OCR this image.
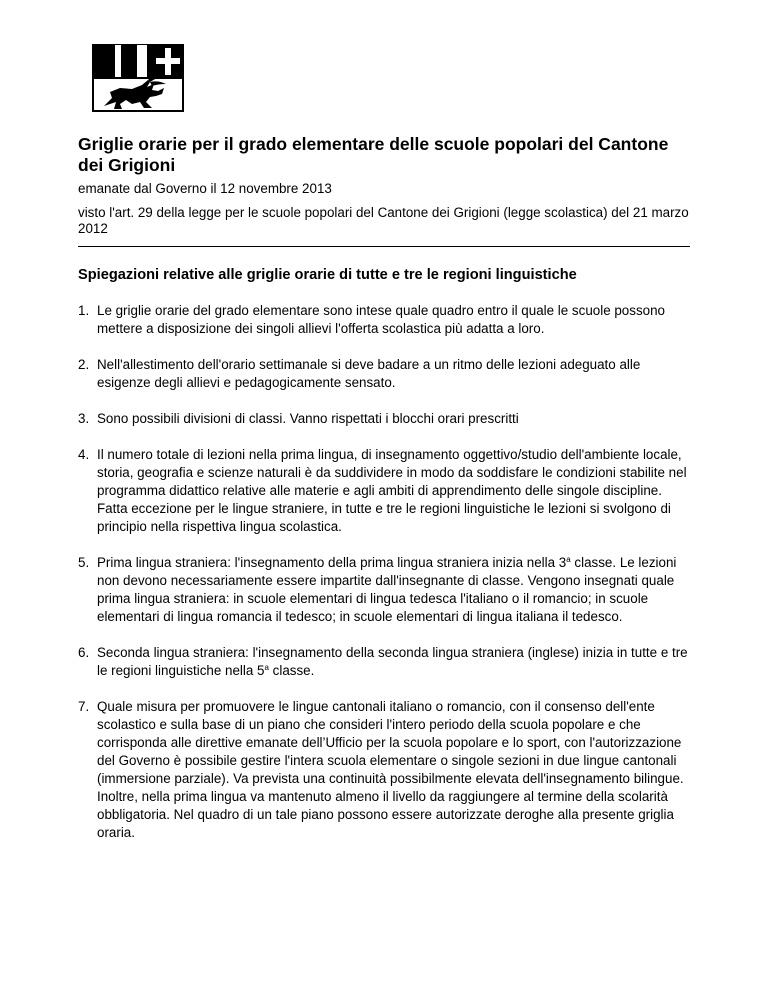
Griglie orarie per il grado elementare delle scuole popolari del Cantone dei Grigioni
emanate dal Governo il 12 novembre 2013
visto l'art. 29 della legge per le scuole popolari del Cantone dei Grigioni (legge scolastica) del 21 marzo 2012
Spiegazioni relative alle griglie orarie di tutte e tre le regioni linguistiche
1. Le griglie orarie del grado elementare sono intese quale quadro entro il quale le scuole possono mettere a disposizione dei singoli allievi l'offerta scolastica più adatta a loro.
2. Nell'allestimento dell'orario settimanale si deve badare a un ritmo delle lezioni adeguato alle esigenze degli allievi e pedagogicamente sensato.
3. Sono possibili divisioni di classi. Vanno rispettati i blocchi orari prescritti
4. Il numero totale di lezioni nella prima lingua, di insegnamento oggettivo/studio dell'ambiente locale, storia, geografia e scienze naturali è da suddividere in modo da soddisfare le condizioni stabilite nel programma didattico relative alle materie e agli ambiti di apprendimento delle singole discipline. Fatta eccezione per le lingue straniere, in tutte e tre le regioni linguistiche le lezioni si svolgono di principio nella rispettiva lingua scolastica.
5. Prima lingua straniera: l'insegnamento della prima lingua straniera inizia nella 3$^a$ classe. Le lezioni non devono necessariamente essere impartite dall'insegnante di classe. Vengono insegnati quale prima lingua straniera: in scuole elementari di lingua tedesca l'italiano o il romancio; in scuole elementari di lingua romancia il tedesco; in scuole elementari di lingua italiana il tedesco.
6. Seconda lingua straniera: l'insegnamento della seconda lingua straniera (inglese) inizia in tutte e tre le regioni linguistiche nella 5$^a$ classe.
7. Quale misura per promuovere le lingue cantonali italiano o romancio, con il consenso dell'ente scolastico e sulla base di un piano che consideri l'intero periodo della scuola popolare e che corrisponda alle direttive emanate dell’Ufficio per la scuola popolare e lo sport, con l'autorizzazione del Governo è possibile gestire l'intera scuola elementare o singole sezioni in due lingue cantonali (immersione parziale). Va prevista una continuità possibilmente elevata dell'insegnamento bilingue. Inoltre, nella prima lingua va mantenuto almeno il livello da raggiungere al termine della scolarità obbligatoria. Nel quadro di un tale piano possono essere autorizzate deroghe alla presente griglia oraria.
